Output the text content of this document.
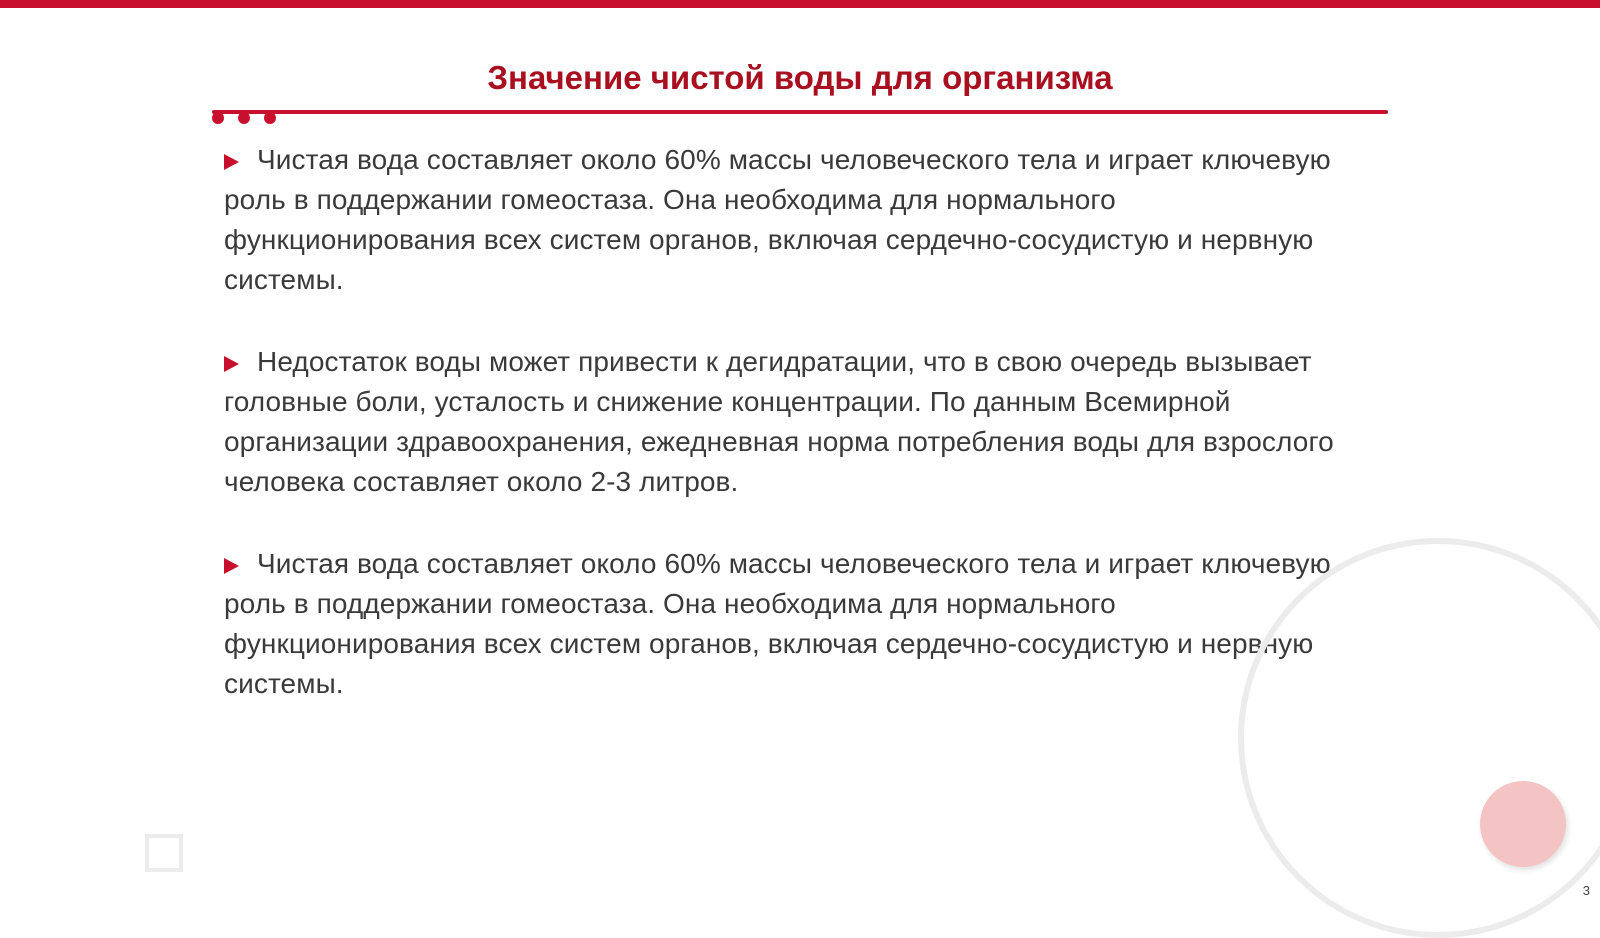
Значение чистой воды для организма

Чистая вода составляет около 60% массы человеческого тела и играет ключевую роль в поддержании гомеостаза. Она необходима для нормального функционирования всех систем органов, включая сердечно-сосудистую и нервную системы.

Недостаток воды может привести к дегидратации, что в свою очередь вызывает головные боли, усталость и снижение концентрации. По данным Всемирной организации здравоохранения, ежедневная норма потребления воды для взрослого человека составляет около 2-3 литров.

Чистая вода составляет около 60% массы человеческого тела и играет ключевую роль в поддержании гомеостаза. Она необходима для нормального функционирования всех систем органов, включая сердечно-сосудистую и нервную системы.

3
